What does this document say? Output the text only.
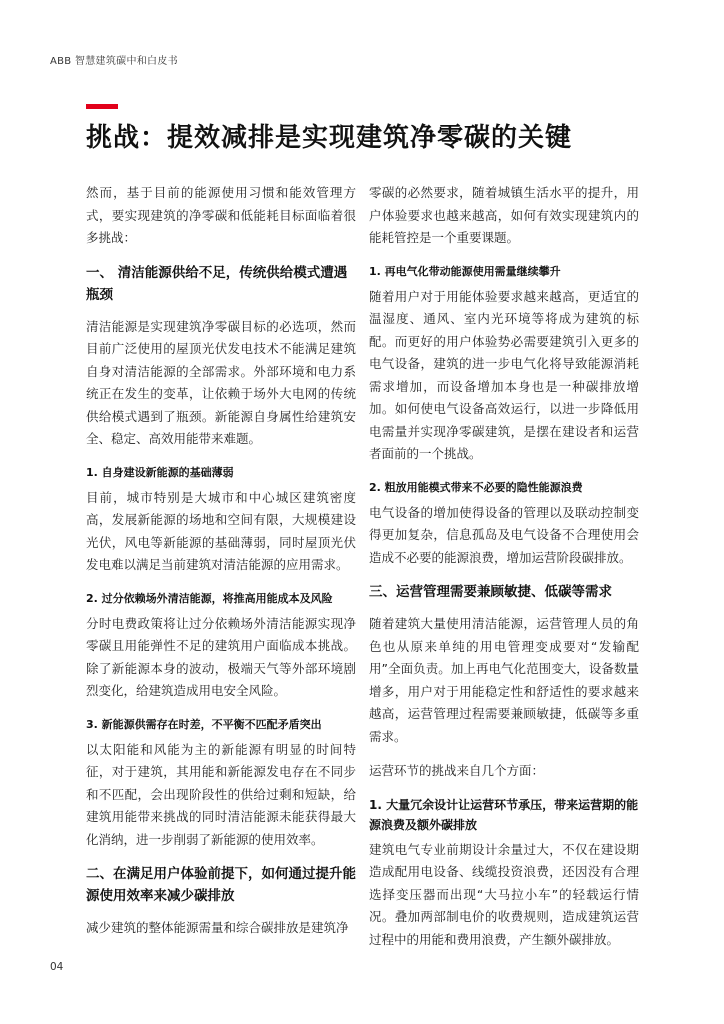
ABB 智慧建筑碳中和白皮书
挑战：提效减排是实现建筑净零碳的关键

然而，基于目前的能源使用习惯和能效管理方式，要实现建筑的净零碳和低能耗目标面临着很多挑战：

一、 清洁能源供给不足，传统供给模式遭遇瓶颈

清洁能源是实现建筑净零碳目标的必选项，然而目前广泛使用的屋顶光伏发电技术不能满足建筑自身对清洁能源的全部需求。外部环境和电力系统正在发生的变革，让依赖于场外大电网的传统供给模式遇到了瓶颈。新能源自身属性给建筑安全、稳定、高效用能带来难题。

1. 自身建设新能源的基础薄弱

目前，城市特别是大城市和中心城区建筑密度高，发展新能源的场地和空间有限，大规模建设光伏，风电等新能源的基础薄弱，同时屋顶光伏发电难以满足当前建筑对清洁能源的应用需求。

2. 过分依赖场外清洁能源，将推高用能成本及风险

分时电费政策将让过分依赖场外清洁能源实现净零碳且用能弹性不足的建筑用户面临成本挑战。除了新能源本身的波动，极端天气等外部环境剧烈变化，给建筑造成用电安全风险。

3. 新能源供需存在时差，不平衡不匹配矛盾突出

以太阳能和风能为主的新能源有明显的时间特征，对于建筑，其用能和新能源发电存在不同步和不匹配，会出现阶段性的供给过剩和短缺，给建筑用能带来挑战的同时清洁能源未能获得最大化消纳，进一步削弱了新能源的使用效率。

二、在满足用户体验前提下，如何通过提升能源使用效率来减少碳排放

减少建筑的整体能源需量和综合碳排放是建筑净

零碳的必然要求，随着城镇生活水平的提升，用户体验要求也越来越高，如何有效实现建筑内的能耗管控是一个重要课题。

1. 再电气化带动能源使用需量继续攀升

随着用户对于用能体验要求越来越高，更适宜的温湿度、通风、室内光环境等将成为建筑的标配。而更好的用户体验势必需要建筑引入更多的电气设备，建筑的进一步电气化将导致能源消耗需求增加，而设备增加本身也是一种碳排放增加。如何使电气设备高效运行，以进一步降低用电需量并实现净零碳建筑，是摆在建设者和运营者面前的一个挑战。

2. 粗放用能模式带来不必要的隐性能源浪费

电气设备的增加使得设备的管理以及联动控制变得更加复杂，信息孤岛及电气设备不合理使用会造成不必要的能源浪费，增加运营阶段碳排放。

三、运营管理需要兼顾敏捷、低碳等需求

随着建筑大量使用清洁能源，运营管理人员的角色也从原来单纯的用电管理变成要对“发输配用”全面负责。加上再电气化范围变大，设备数量增多，用户对于用能稳定性和舒适性的要求越来越高，运营管理过程需要兼顾敏捷，低碳等多重需求。

运营环节的挑战来自几个方面：

1. 大量冗余设计让运营环节承压，带来运营期的能源浪费及额外碳排放

建筑电气专业前期设计余量过大，不仅在建设期造成配用电设备、线缆投资浪费，还因没有合理选择变压器而出现“大马拉小车”的轻载运行情况。叠加两部制电价的收费规则，造成建筑运营过程中的用能和费用浪费，产生额外碳排放。

04
